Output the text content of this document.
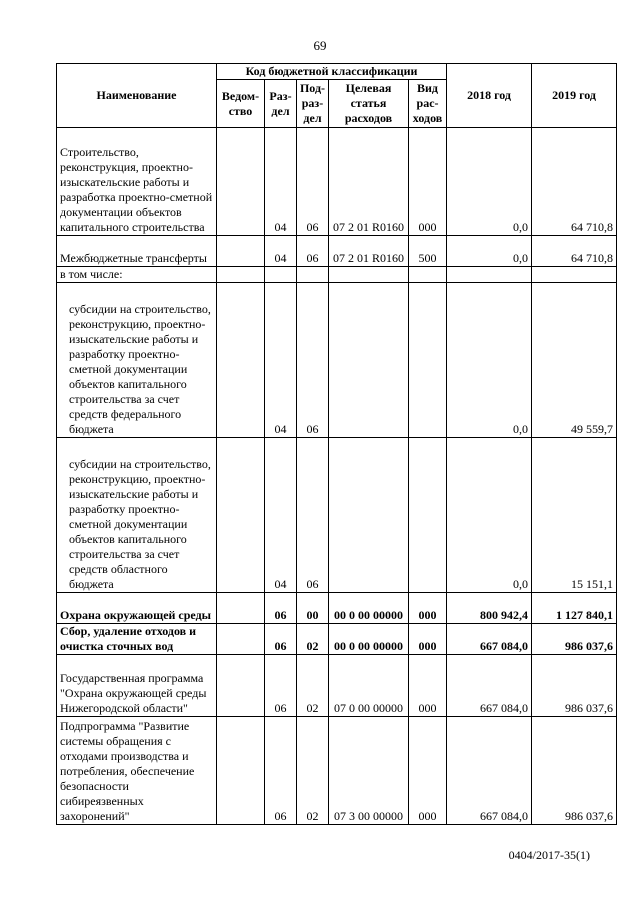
69
Наименование	Код бюджетной классификации					2018 год	2019 год
	Ведом-ство	Раз-дел	Под-раз-дел	Целевая статья расходов	Вид рас-ходов		
Строительство, реконструкция, проектно-изыскательские работы и разработка проектно-сметной документации объектов капитального строительства		04	06	07 2 01 R0160	000	0,0	64 710,8
Межбюджетные трансферты		04	06	07 2 01 R0160	500	0,0	64 710,8
в том числе:							
субсидии на строительство, реконструкцию, проектно-изыскательские работы и разработку проектно-сметной документации объектов капитального строительства за счет средств федерального бюджета		04	06			0,0	49 559,7
субсидии на строительство, реконструкцию, проектно-изыскательские работы и разработку проектно-сметной документации объектов капитального строительства за счет средств областного бюджета		04	06			0,0	15 151,1
Охрана окружающей среды		06	00	00 0 00 00000	000	800 942,4	1 127 840,1
Сбор, удаление отходов и очистка сточных вод		06	02	00 0 00 00000	000	667 084,0	986 037,6
Государственная программа "Охрана окружающей среды Нижегородской области"		06	02	07 0 00 00000	000	667 084,0	986 037,6
Подпрограмма "Развитие системы обращения с отходами производства и потребления, обеспечение безопасности сибиреязвенных захоронений"		06	02	07 3 00 00000	000	667 084,0	986 037,6
0404/2017-35(1)
